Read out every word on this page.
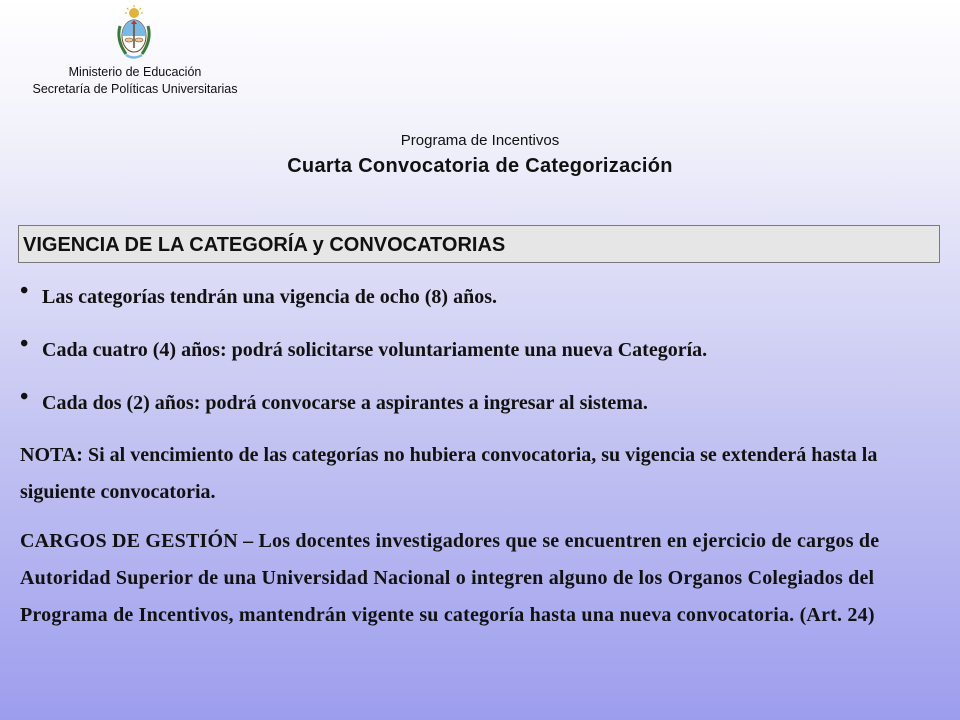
Ministerio de Educación
Secretaría de Políticas Universitarias
Programa de Incentivos
Cuarta Convocatoria de Categorización
VIGENCIA DE LA CATEGORÍA y CONVOCATORIAS
• Las categorías tendrán una vigencia de ocho (8) años.
• Cada cuatro (4) años: podrá solicitarse voluntariamente una nueva Categoría.
• Cada dos (2) años: podrá convocarse a aspirantes a ingresar al sistema.
NOTA: Si al vencimiento de las categorías no hubiera convocatoria, su vigencia se extenderá hasta la siguiente convocatoria.
CARGOS DE GESTIÓN – Los docentes investigadores que se encuentren en ejercicio de cargos de Autoridad Superior de una Universidad Nacional o integren alguno de los Organos Colegiados del Programa de Incentivos, mantendrán vigente su categoría hasta una nueva convocatoria. (Art. 24)
